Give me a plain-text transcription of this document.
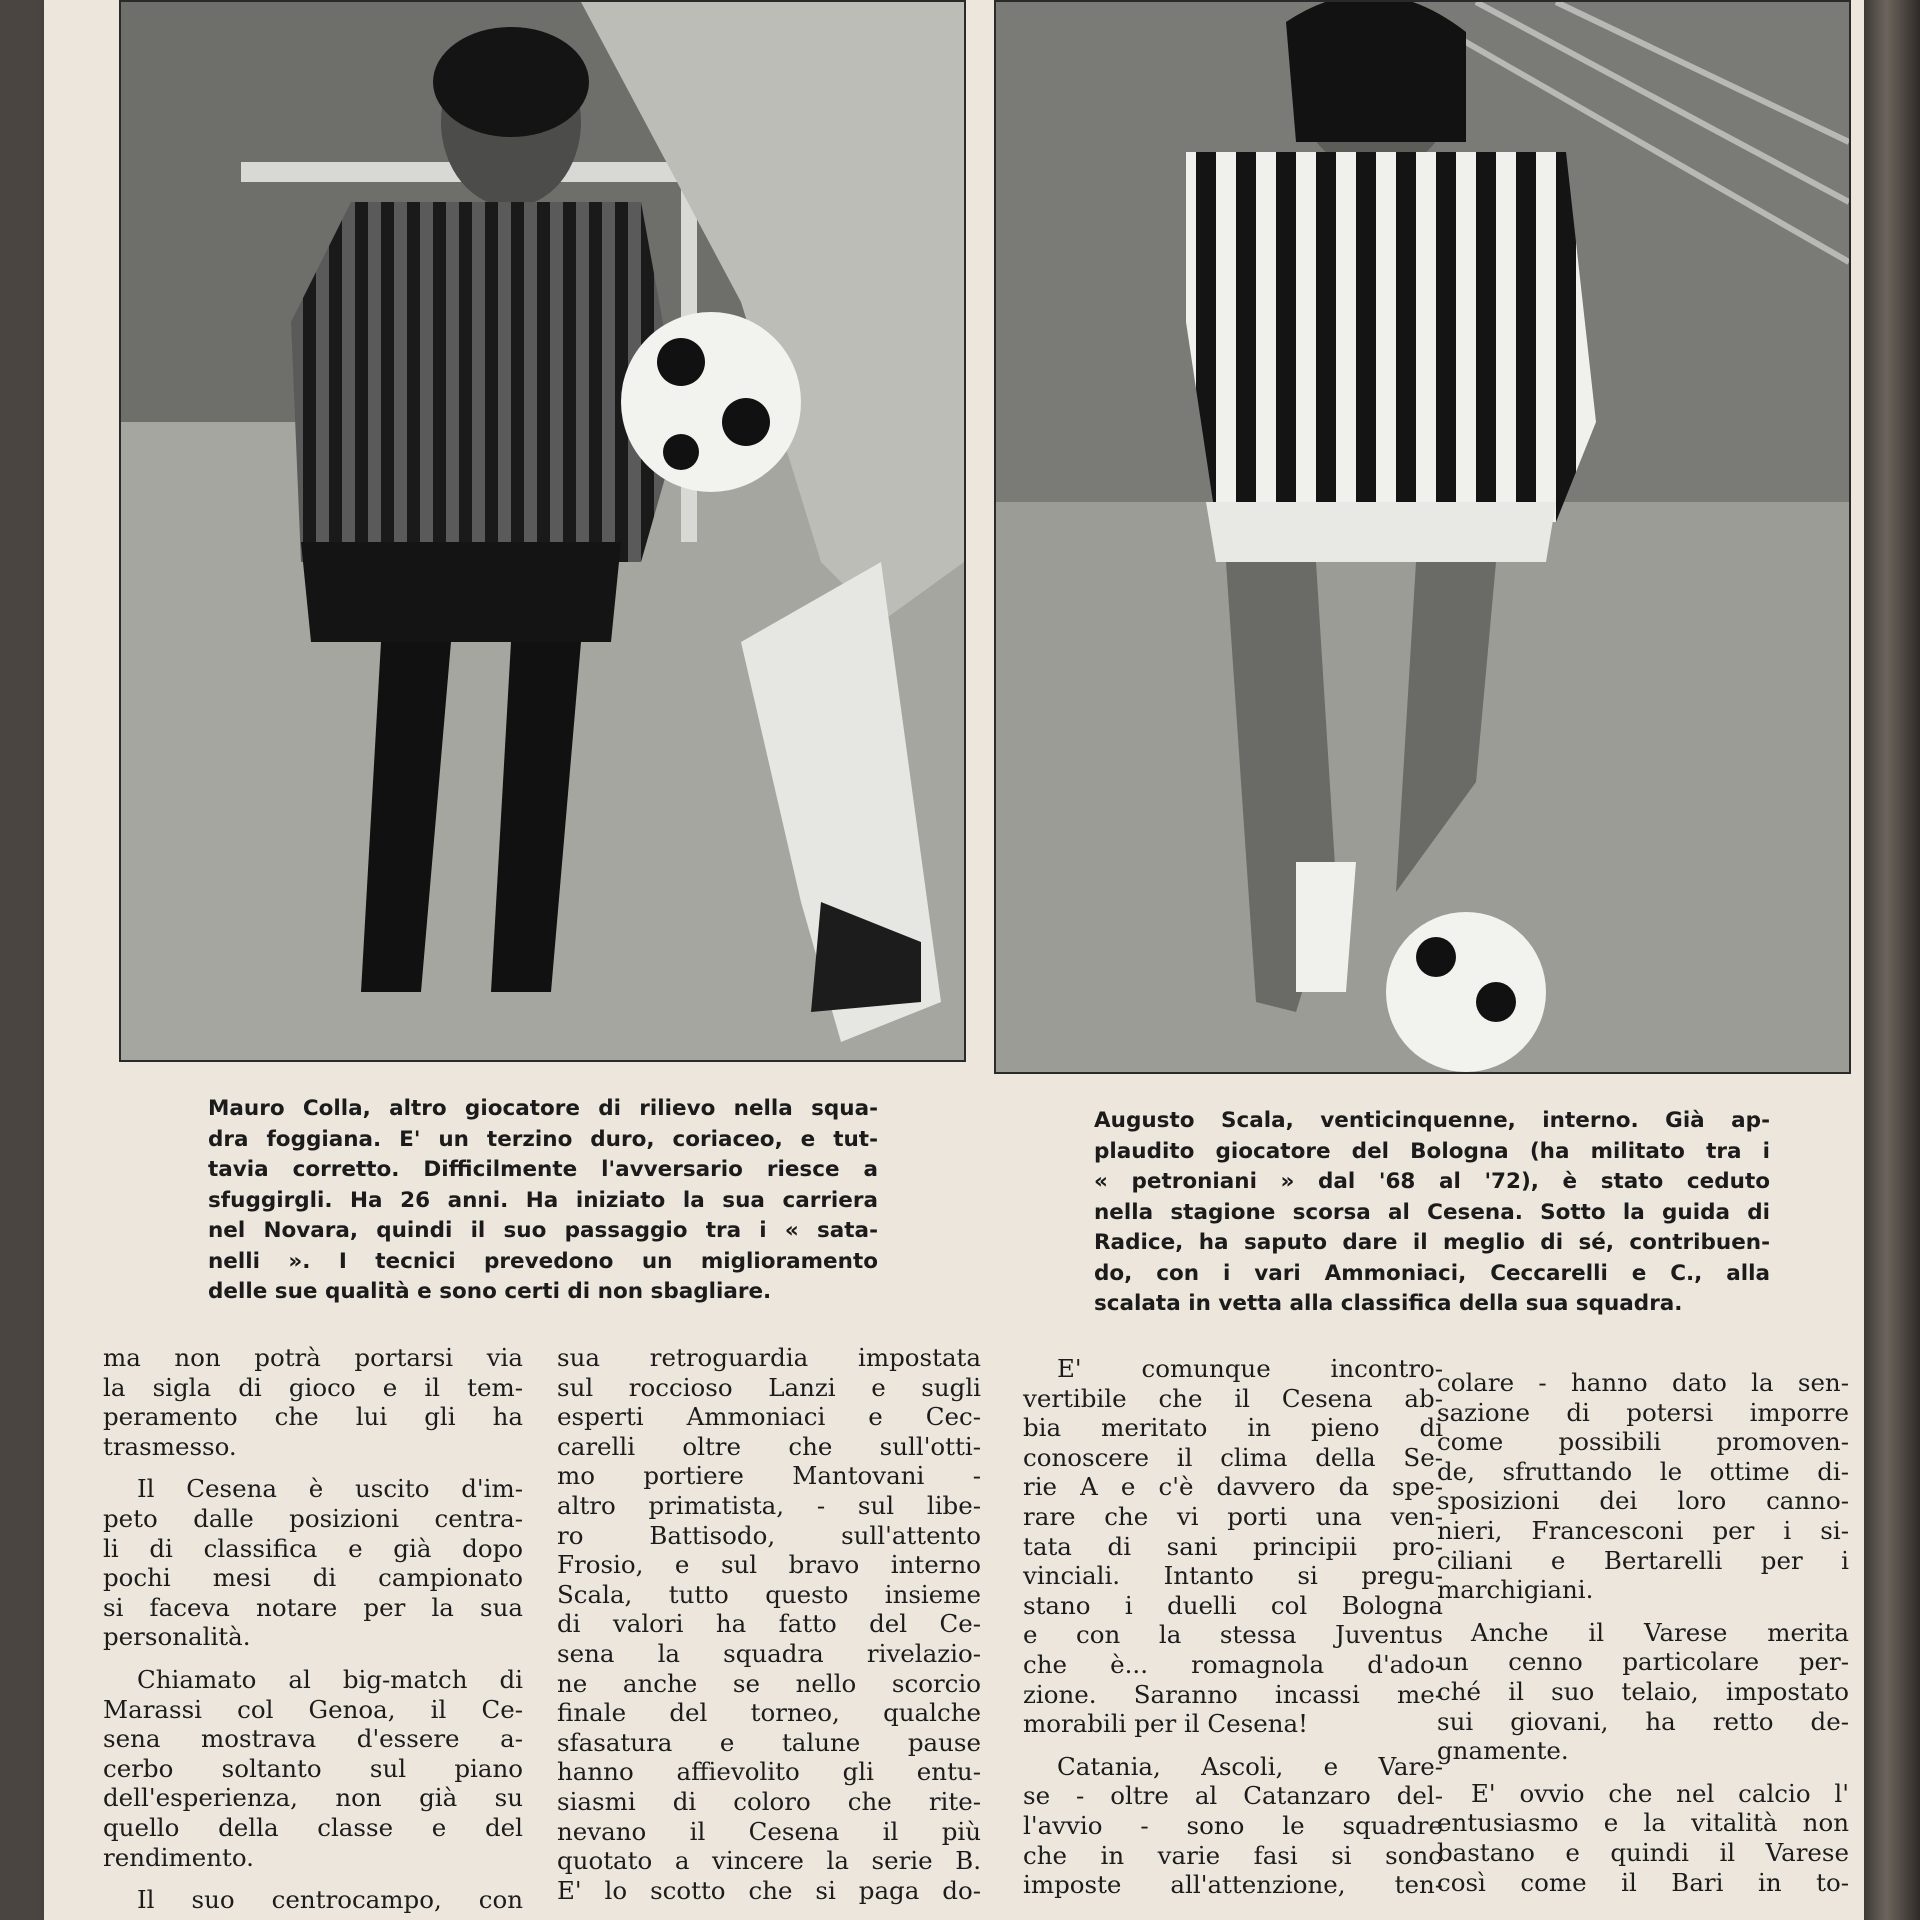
Mauro Colla, altro giocatore di rilievo nella squa-

dra foggiana. E' un terzino duro, coriaceo, e tut-

tavia corretto. Difficilmente l'avversario riesce a

sfuggirgli. Ha 26 anni. Ha iniziato la sua carriera

nel Novara, quindi il suo passaggio tra i « sata-

nelli ». I tecnici prevedono un miglioramento

delle sue qualità e sono certi di non sbagliare.

Augusto Scala, venticinquenne, interno. Già ap-

plaudito giocatore del Bologna (ha militato tra i

« petroniani » dal '68 al '72), è stato ceduto

nella stagione scorsa al Cesena. Sotto la guida di

Radice, ha saputo dare il meglio di sé, contribuen-

do, con i vari Ammoniaci, Ceccarelli e C., alla

scalata in vetta alla classifica della sua squadra.

ma non potrà portarsi via
la sigla di gioco e il tem-
peramento che lui gli ha
trasmesso.
Il Cesena è uscito d'im-
peto dalle posizioni centra-
li di classifica e già dopo
pochi mesi di campionato
si faceva notare per la sua
personalità.
Chiamato al big-match di
Marassi col Genoa, il Ce-
sena mostrava d'essere a-
cerbo soltanto sul piano
dell'esperienza, non già su
quello della classe e del
rendimento.
Il suo centrocampo, con
sua retroguardia impostata
sul roccioso Lanzi e sugli
esperti Ammoniaci e Cec-
carelli oltre che sull'otti-
mo portiere Mantovani -
altro primatista, - sul libe-
ro Battisodo, sull'attento
Frosio, e sul bravo interno
Scala, tutto questo insieme
di valori ha fatto del Ce-
sena la squadra rivelazio-
ne anche se nello scorcio
finale del torneo, qualche
sfasatura e talune pause
hanno affievolito gli entu-
siasmi di coloro che rite-
nevano il Cesena il più
quotato a vincere la serie B.
E' lo scotto che si paga do-
E' comunque incontro-
vertibile che il Cesena ab-
bia meritato in pieno di
conoscere il clima della Se-
rie A e c'è davvero da spe-
rare che vi porti una ven-
tata di sani principii pro-
vinciali. Intanto si pregu-
stano i duelli col Bologna
e con la stessa Juventus
che è... romagnola d'ado-
zione. Saranno incassi me-
morabili per il Cesena!
Catania, Ascoli, e Vare-
se - oltre al Catanzaro del-
l'avvio - sono le squadre
che in varie fasi si sono
imposte all'attenzione, ten-
colare - hanno dato la sen-
sazione di potersi imporre
come possibili promoven-
de, sfruttando le ottime di-
sposizioni dei loro canno-
nieri, Francesconi per i si-
ciliani e Bertarelli per i
marchigiani.
Anche il Varese merita
un cenno particolare per-
ché il suo telaio, impostato
sui giovani, ha retto de-
gnamente.
E' ovvio che nel calcio l'
entusiasmo e la vitalità non
bastano e quindi il Varese
così come il Bari in to-
